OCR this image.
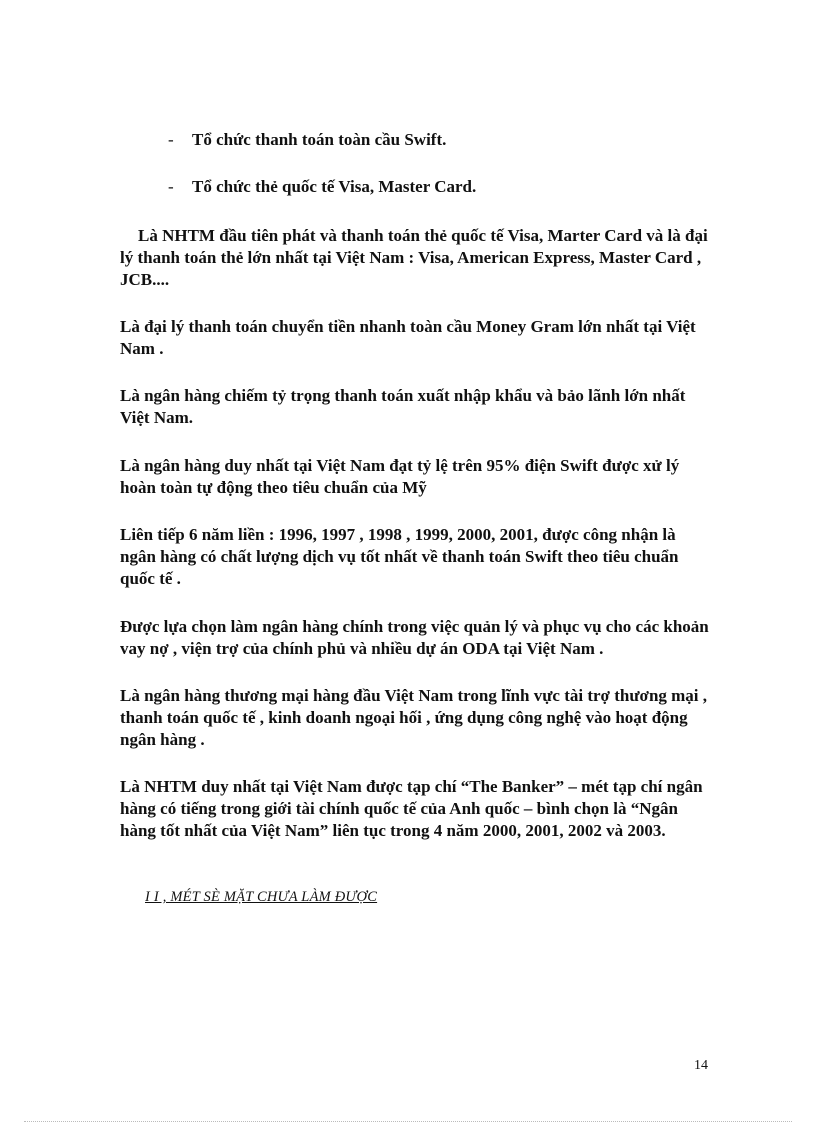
- Tổ chức thanh toán toàn cầu Swift.
- Tổ chức thẻ quốc tế Visa, Master Card.
Là NHTM đầu tiên phát và thanh toán thẻ quốc tế Visa, Marter Card và là đại lý thanh toán thẻ lớn nhất tại Việt Nam : Visa, American Express, Master Card , JCB....
Là đại lý thanh toán chuyển tiền nhanh toàn cầu Money Gram lớn nhất tại Việt Nam .
Là ngân hàng chiếm tỷ trọng thanh toán xuất nhập khẩu và bảo lãnh lớn nhất Việt Nam.
Là ngân hàng duy nhất tại Việt Nam đạt tỷ lệ trên 95% điện Swift được xử lý hoàn toàn tự động theo tiêu chuẩn của Mỹ
Liên tiếp 6 năm liền : 1996, 1997 , 1998 , 1999, 2000, 2001, được công nhận là ngân hàng có chất lượng dịch vụ tốt nhất về thanh toán Swift theo tiêu chuẩn quốc tế .
Được lựa chọn làm ngân hàng chính trong việc quản lý và phục vụ cho các khoản vay nợ , viện trợ của chính phủ và nhiều dự án ODA tại Việt Nam .
Là ngân hàng thương mại hàng đầu Việt Nam trong lĩnh vực tài trợ thương mại , thanh toán quốc tế , kinh doanh ngoại hối , ứng dụng công nghệ vào hoạt động ngân hàng .
Là NHTM duy nhất tại Việt Nam được tạp chí “The Banker” – mét tạp chí ngân hàng có tiếng trong giới tài chính quốc tế của Anh quốc – bình chọn là “Ngân hàng tốt nhất của Việt Nam” liên tục trong 4 năm 2000, 2001, 2002 và 2003.
I I , MÉT SÈ MẶT CHƯA LÀM ĐƯỢC
14
